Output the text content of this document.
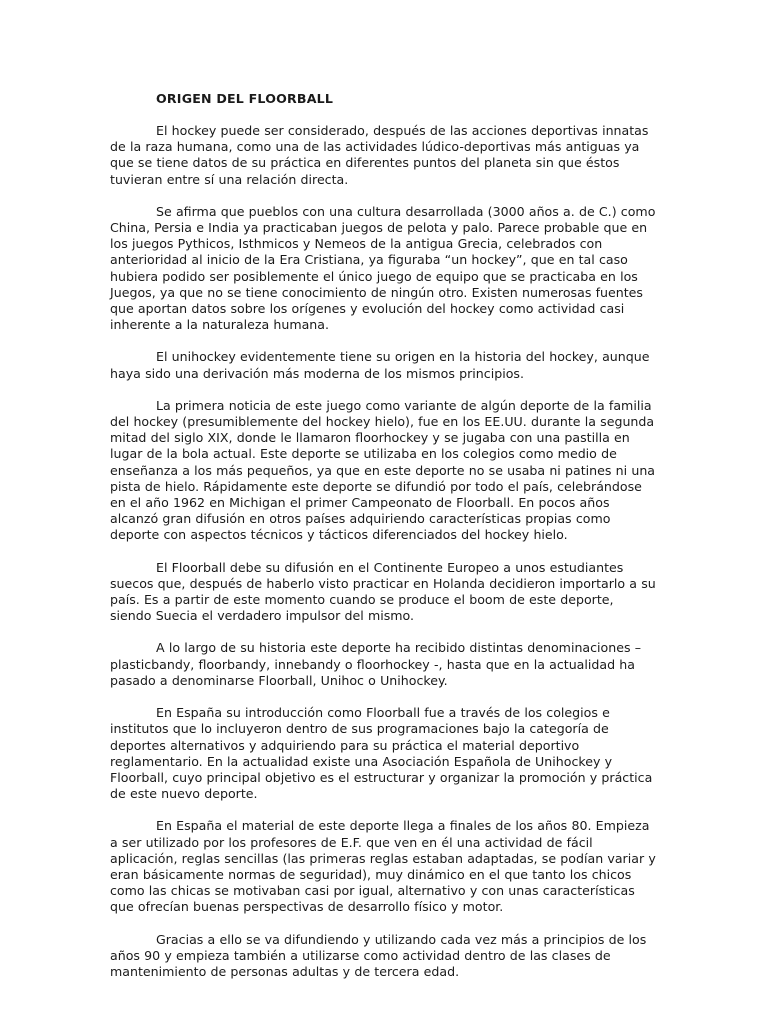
ORIGEN DEL FLOORBALL

El hockey puede ser considerado, después de las acciones deportivas innatas de la raza humana, como una de las actividades lúdico-deportivas más antiguas ya que se tiene datos de su práctica en diferentes puntos del planeta sin que éstos tuvieran entre sí una relación directa.

Se afirma que pueblos con una cultura desarrollada (3000 años a. de C.) como China, Persia e India ya practicaban juegos de pelota y palo. Parece probable que en los juegos Pythicos, Isthmicos y Nemeos de la antigua Grecia, celebrados con anterioridad al inicio de la Era Cristiana, ya figuraba “un hockey”, que en tal caso hubiera podido ser posiblemente el único juego de equipo que se practicaba en los Juegos, ya que no se tiene conocimiento de ningún otro. Existen numerosas fuentes que aportan datos sobre los orígenes y evolución del hockey como actividad casi inherente a la naturaleza humana.

El unihockey evidentemente tiene su origen en la historia del hockey, aunque haya sido una derivación más moderna de los mismos principios.

La primera noticia de este juego como variante de algún deporte de la familia del hockey (presumiblemente del hockey hielo), fue en los EE.UU. durante la segunda mitad del siglo XIX, donde le llamaron floorhockey y se jugaba con una pastilla en lugar de la bola actual. Este deporte se utilizaba en los colegios como medio de enseñanza a los más pequeños, ya que en este deporte no se usaba ni patines ni una pista de hielo. Rápidamente este deporte se difundió por todo el país, celebrándose en el año 1962 en Michigan el primer Campeonato de Floorball. En pocos años alcanzó gran difusión en otros países adquiriendo características propias como deporte con aspectos técnicos y tácticos diferenciados del hockey hielo.

El Floorball debe su difusión en el Continente Europeo a unos estudiantes suecos que, después de haberlo visto practicar en Holanda decidieron importarlo a su país. Es a partir de este momento cuando se produce el boom de este deporte, siendo Suecia el verdadero impulsor del mismo.

A lo largo de su historia este deporte ha recibido distintas denominaciones – plasticbandy, floorbandy, innebandy o floorhockey -, hasta que en la actualidad ha pasado a denominarse Floorball, Unihoc o Unihockey.

En España su introducción como Floorball fue a través de los colegios e institutos que lo incluyeron dentro de sus programaciones bajo la categoría de deportes alternativos y adquiriendo para su práctica el material deportivo reglamentario. En la actualidad existe una Asociación Española de Unihockey y Floorball, cuyo principal objetivo es el estructurar y organizar la promoción y práctica de este nuevo deporte.

En España el material de este deporte llega a finales de los años 80. Empieza a ser utilizado por los profesores de E.F. que ven en él una actividad de fácil aplicación, reglas sencillas (las primeras reglas estaban adaptadas, se podían variar y eran básicamente normas de seguridad), muy dinámico en el que tanto los chicos como las chicas se motivaban casi por igual, alternativo y con unas características que ofrecían buenas perspectivas de desarrollo físico y motor.

Gracias a ello se va difundiendo y utilizando cada vez más a principios de los años 90 y empieza también a utilizarse como actividad dentro de las clases de mantenimiento de personas adultas y de tercera edad.
